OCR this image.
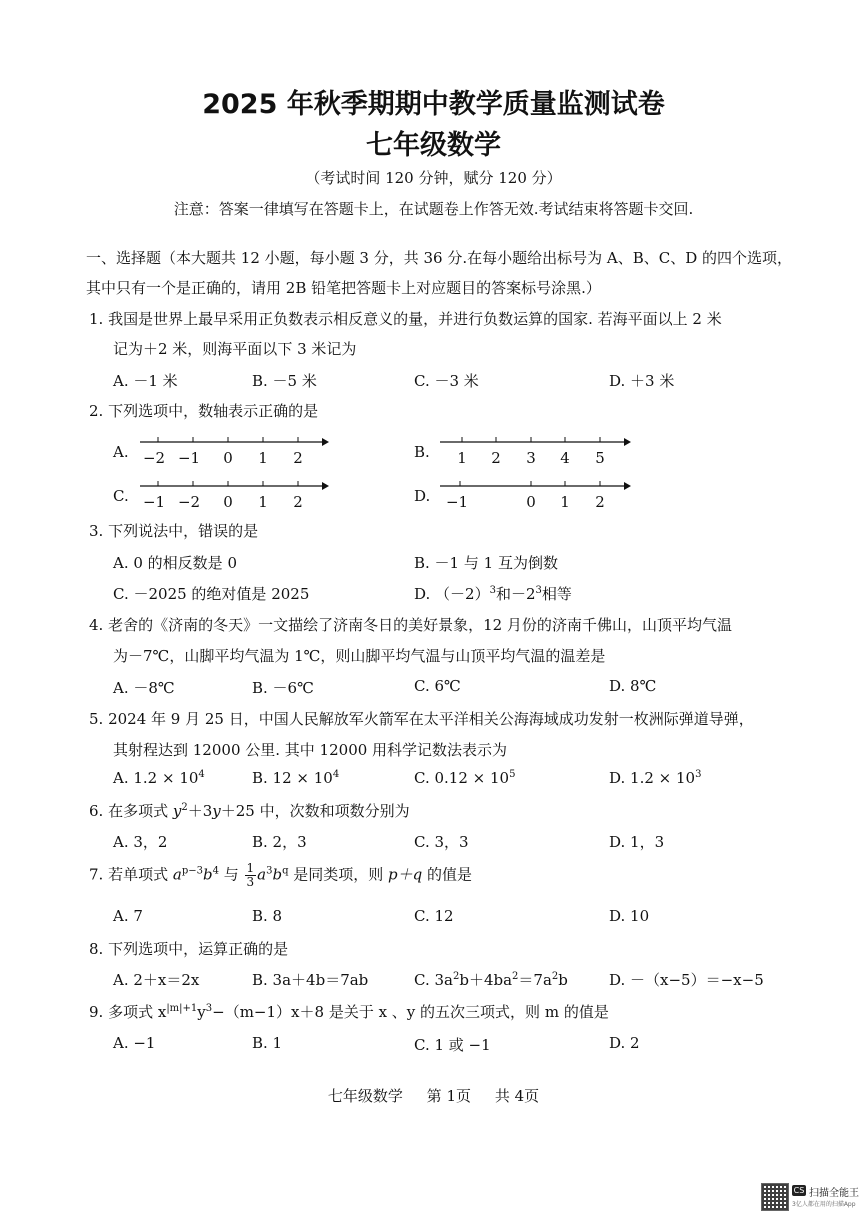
2025 年秋季期期中教学质量监测试卷
七年级数学
（考试时间 120 分钟，赋分 120 分）
注意：答案一律填写在答题卡上，在试题卷上作答无效.考试结束将答题卡交回.
一、选择题（本大题共 12 小题，每小题 3 分，共 36 分.在每小题给出标号为 A、B、C、D 的四个选项，
其中只有一个是正确的，请用 2B 铅笔把答题卡上对应题目的答案标号涂黑.）
1. 我国是世界上最早采用正负数表示相反意义的量，并进行负数运算的国家. 若海平面以上 2 米
记为＋2 米，则海平面以下 3 米记为
A. －1 米	B. －5 米	C. －3 米	D. ＋3 米
2. 下列选项中，数轴表示正确的是
A. −2 −1 0 1 2	B. 1 2 3 4 5
C. −1 −2 0 1 2	D. −1	0 1 2
3. 下列说法中，错误的是
A. 0 的相反数是 0	B. －1 与 1 互为倒数
C. －2025 的绝对值是 2025	D. $(-2)^3$和$-2^3$相等
4. 老舍的《济南的冬天》一文描绘了济南冬日的美好景象，12 月份的济南千佛山，山顶平均气温
为－7℃，山脚平均气温为 1℃，则山脚平均气温与山顶平均气温的温差是
A. －8℃	B. －6℃	C. 6℃	D. 8℃
5. 2024 年 9 月 25 日，中国人民解放军火箭军在太平洋相关公海海域成功发射一枚洲际弹道导弹，
其射程达到 12000 公里. 其中 12000 用科学记数法表示为
A. $1.2 \times 10^4$	B. $12 \times 10^4$	C. $0.12 \times 10^5$	D. $1.2 \times 10^3$
6. 在多项式 $y^2+3y+25$ 中，次数和项数分别为
A. 3，2	B. 2，3	C. 3，3	D. 1，3
7. 若单项式 $a^{p-3}b^4$ 与 $\frac{1}{3} a^3b^q$ 是同类项，则 p＋q 的值是
A. 7	B. 8	C. 12	D. 10
8. 下列选项中，运算正确的是
A. 2＋x＝2x	B. 3a＋4b＝7ab	C. $3a^2b+4ba^2=7a^2b$	D. －（x−5）＝−x−5
9. 多项式 $x^{|m|+1}y^3-(m-1)x+8$ 是关于 x 、y 的五次三项式，则 m 的值是
A. −1	B. 1	C. 1 或 −1	D. 2
七年级数学     第 1页     共 4页
CS 扫描全能王
3亿人都在用的扫描App
